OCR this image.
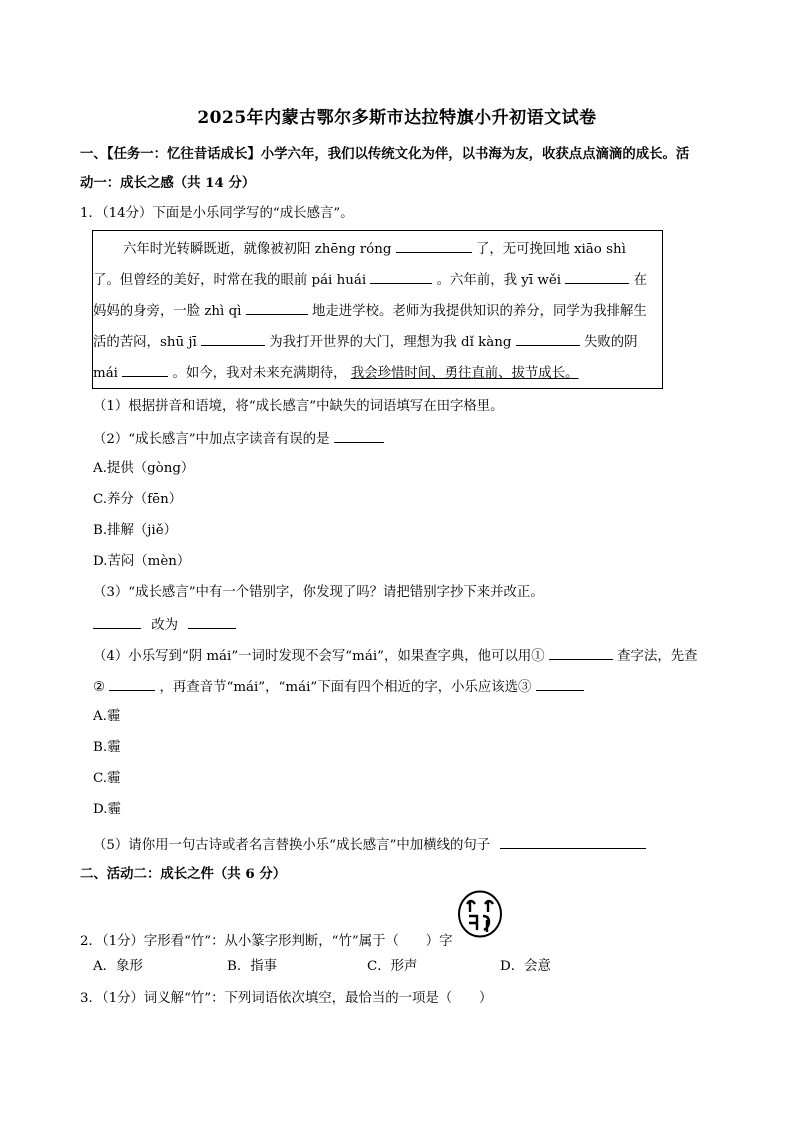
2025年内蒙古鄂尔多斯市达拉特旗小升初语文试卷
一、【任务一：忆往昔话成长】小学六年，我们以传统文化为伴，以书海为友，收获点点滴滴的成长。活
动一：成长之感（共 14 分）
1．（14分）下面是小乐同学写的“成长感言”。
六年时光转瞬既逝，就像被初阳 zhēng róng	了，无可挽回地 xiāo shì
了。但曾经的美好，时常在我的眼前 pái huái	。六年前，我 yī wěi	在
妈妈的身旁，一脸 zhì qì	地走进学校。老师为我提供知识的养分，同学为我排解生
活的苦闷，shū jī	为我打开世界的大门，理想为我 dǐ kàng	失败的阴
mái	。如今，我对未来充满期待， 我会珍惜时间、勇往直前、拔节成长。
（1）根据拼音和语境，将“成长感言”中缺失的词语填写在田字格里。
（2）“成长感言”中加点字读音有误的是
A.提供（gòng）
C.养分（fēn）
B.排解（jiě）
D.苦闷（mèn）
（3）“成长感言”中有一个错别字，你发现了吗？请把错别字抄下来并改正。
改为
（4）小乐写到“阴 mái”一词时发现不会写“mái”，如果查字典，他可以用①	查字法，先查
②	，再查音节“mái”，“mái”下面有四个相近的字，小乐应该选③
A.霾
B.霾
C.霾
D.霾
（5）请你用一句古诗或者名言替换小乐“成长感言”中加横线的句子
二、活动二：成长之件（共 6 分）
2．（1分）字形看“竹”：从小篆字形判断，“竹”属于（　　）字
A．象形	B．指事	C．形声	D．会意
3．（1分）词义解“竹”：下列词语依次填空，最恰当的一项是（　　）
